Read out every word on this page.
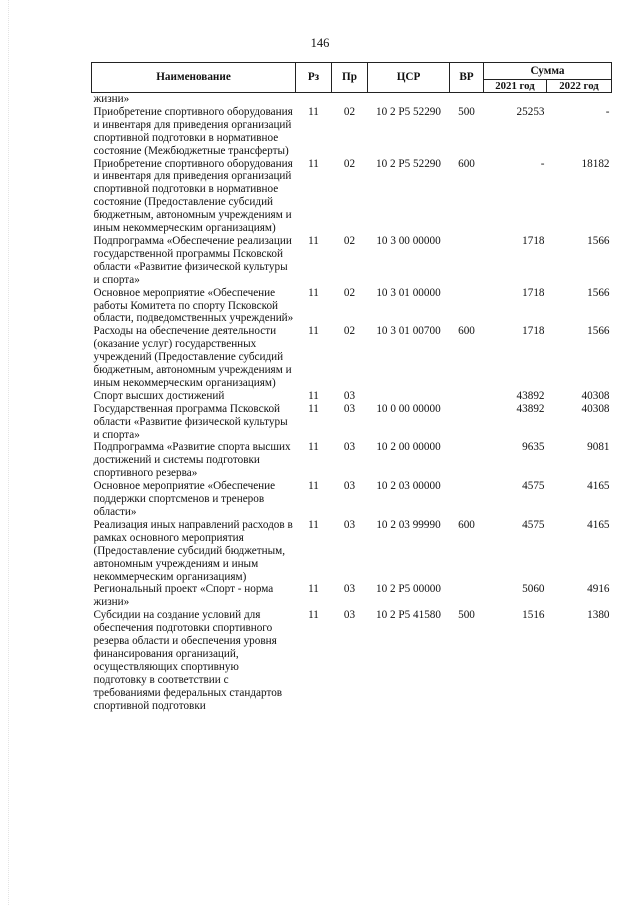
146
Наименование	Рз	Пр	ЦСР	ВР	Сумма	
					2021 год	2022 год
жизни»						
Приобретение спортивного оборудования и инвентаря для приведения организаций спортивной подготовки в нормативное состояние (Межбюджетные трансферты)	11	02	10 2 P5 52290	500	25253	-
Приобретение спортивного оборудования и инвентаря для приведения организаций спортивной подготовки в нормативное состояние (Предоставление субсидий бюджетным, автономным учреждениям и иным некоммерческим организациям)	11	02	10 2 P5 52290	600	-	18182
Подпрограмма «Обеспечение реализации государственной программы Псковской области «Развитие физической культуры и спорта»	11	02	10 3 00 00000		1718	1566
Основное мероприятие «Обеспечение работы Комитета по спорту Псковской области, подведомственных учреждений»	11	02	10 3 01 00000		1718	1566
Расходы на обеспечение деятельности (оказание услуг) государственных учреждений (Предоставление субсидий бюджетным, автономным учреждениям и иным некоммерческим организациям)	11	02	10 3 01 00700	600	1718	1566
Спорт высших достижений	11	03			43892	40308
Государственная программа Псковской области «Развитие физической культуры и спорта»	11	03	10 0 00 00000		43892	40308
Подпрограмма «Развитие спорта высших достижений и системы подготовки спортивного резерва»	11	03	10 2 00 00000		9635	9081
Основное мероприятие «Обеспечение поддержки спортсменов и тренеров области»	11	03	10 2 03 00000		4575	4165
Реализация иных направлений расходов в рамках основного мероприятия (Предоставление субсидий бюджетным, автономным учреждениям и иным некоммерческим организациям)	11	03	10 2 03 99990	600	4575	4165
Региональный проект «Спорт - норма жизни»	11	03	10 2 P5 00000		5060	4916
Субсидии на создание условий для обеспечения подготовки спортивного резерва области и обеспечения уровня финансирования организаций, осуществляющих спортивную подготовку в соответствии с требованиями федеральных стандартов спортивной подготовки	11	03	10 2 P5 41580	500	1516	1380
